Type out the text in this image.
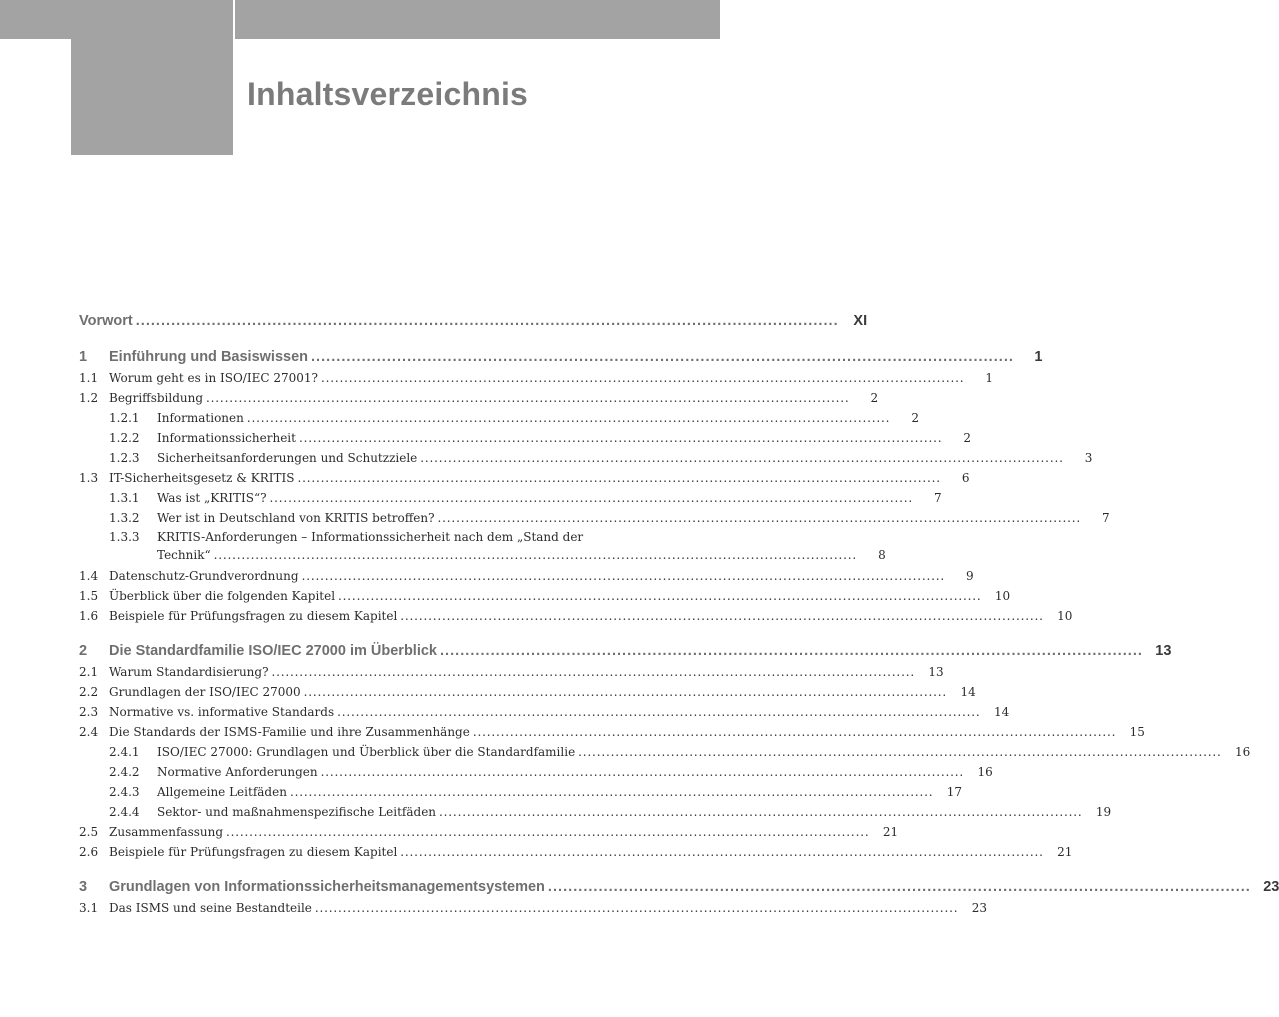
Inhaltsverzeichnis
Vorwort . . .	XI
1	Einführung und Basiswissen . . .	1
1.1 Worum geht es in ISO/IEC 27001? . . .	1
1.2 Begriffsbildung . . .	2
1.2.1	Informationen . . .	2
1.2.2	Informationssicherheit . . .	2
1.2.3	Sicherheitsanforderungen und Schutzziele . . .	3
1.3 IT-Sicherheitsgesetz & KRITIS . . .	6
1.3.1	Was ist „KRITIS“? . . .	7
1.3.2	Wer ist in Deutschland von KRITIS betroffen? . . .	7
1.3.3	KRITIS-Anforderungen – Informationssicherheit nach dem „Stand der
Technik“ . . .	8
1.4 Datenschutz-Grundverordnung . . .	9
1.5 Überblick über die folgenden Kapitel . . .	10
1.6 Beispiele für Prüfungsfragen zu diesem Kapitel . . .	10
2	Die Standardfamilie ISO/IEC 27000 im Überblick . . .	13
2.1 Warum Standardisierung? . . .	13
2.2 Grundlagen der ISO/IEC 27000 . . .	14
2.3 Normative vs. informative Standards . . .	14
2.4 Die Standards der ISMS-Familie und ihre Zusammenhänge . . .	15
2.4.1	ISO/IEC 27000: Grundlagen und Überblick über die Standardfamilie . . .	16
2.4.2	Normative Anforderungen . . .	16
2.4.3	Allgemeine Leitfäden . . .	17
2.4.4	Sektor- und maßnahmenspezifische Leitfäden . . .	19
2.5 Zusammenfassung . . .	21
2.6 Beispiele für Prüfungsfragen zu diesem Kapitel . . .	21
3	Grundlagen von Informationssicherheitsmanagementsystemen . . .	23
3.1 Das ISMS und seine Bestandteile . . .	23
